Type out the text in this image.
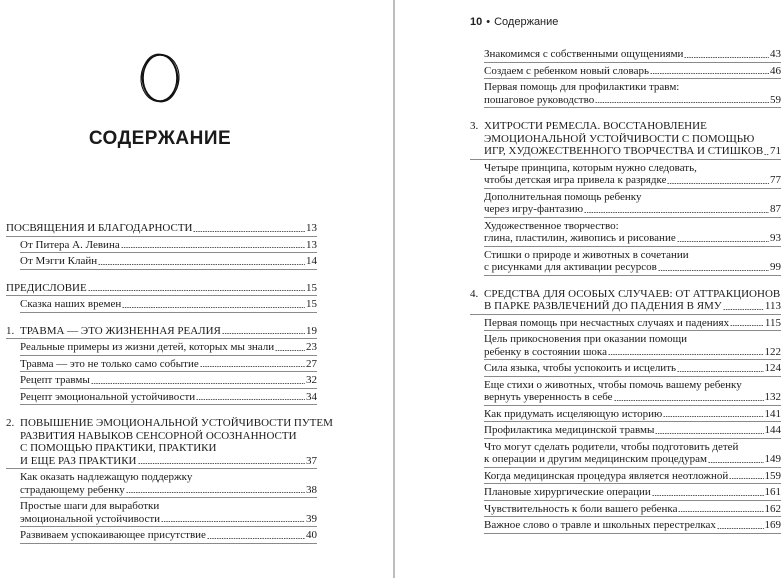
СОДЕРЖАНИЕ
ПОСВЯЩЕНИЯ И БЛАГОДАРНОСТИ	13
От Питера А. Левина	13
От Мэгги Клайн	14
ПРЕДИСЛОВИЕ	15
Сказка наших времен	15
1. ТРАВМА — ЭТО ЖИЗНЕННАЯ РЕАЛИЯ	19
Реальные примеры из жизни детей, которых мы знали	23
Травма — это не только само событие	27
Рецепт травмы	32
Рецепт эмоциональной устойчивости	34
2. ПОВЫШЕНИЕ ЭМОЦИОНАЛЬНОЙ УСТОЙЧИВОСТИ ПУТЕМ
РАЗВИТИЯ НАВЫКОВ СЕНСОРНОЙ ОСОЗНАННОСТИ
С ПОМОЩЬЮ ПРАКТИКИ, ПРАКТИКИ
И ЕЩЕ РАЗ ПРАКТИКИ	37
Как оказать надлежащую поддержку
страдающему ребенку	38
Простые шаги для выработки
эмоциональной устойчивости	39
Развиваем успокаивающее присутствие	40
10 • Содержание
Знакомимся с собственными ощущениями	43
Создаем с ребенком новый словарь	46
Первая помощь для профилактики травм:
пошаговое руководство	59
3. ХИТРОСТИ РЕМЕСЛА. ВОССТАНОВЛЕНИЕ
ЭМОЦИОНАЛЬНОЙ УСТОЙЧИВОСТИ С ПОМОЩЬЮ
ИГР, ХУДОЖЕСТВЕННОГО ТВОРЧЕСТВА И СТИШКОВ 71
Четыре принципа, которым нужно следовать,
чтобы детская игра привела к разрядке	77
Дополнительная помощь ребенку
через игру-фантазию	87
Художественное творчество:
глина, пластилин, живопись и рисование	93
Стишки о природе и животных в сочетании
с рисунками для активации ресурсов	99
4. СРЕДСТВА ДЛЯ ОСОБЫХ СЛУЧАЕВ: ОТ АТТРАКЦИОНОВ
В ПАРКЕ РАЗВЛЕЧЕНИЙ ДО ПАДЕНИЯ В ЯМУ	113
Первая помощь при несчастных случаях и падениях	115
Цель прикосновения при оказании помощи
ребенку в состоянии шока	122
Сила языка, чтобы успокоить и исцелить	124
Еще стихи о животных, чтобы помочь вашему ребенку
вернуть уверенность в себе	132
Как придумать исцеляющую историю	141
Профилактика медицинской травмы	144
Что могут сделать родители, чтобы подготовить детей
к операции и другим медицинским процедурам	149
Когда медицинская процедура является неотложной	159
Плановые хирургические операции	161
Чувствительность к боли вашего ребенка	162
Важное слово о травле и школьных перестрелках	169
